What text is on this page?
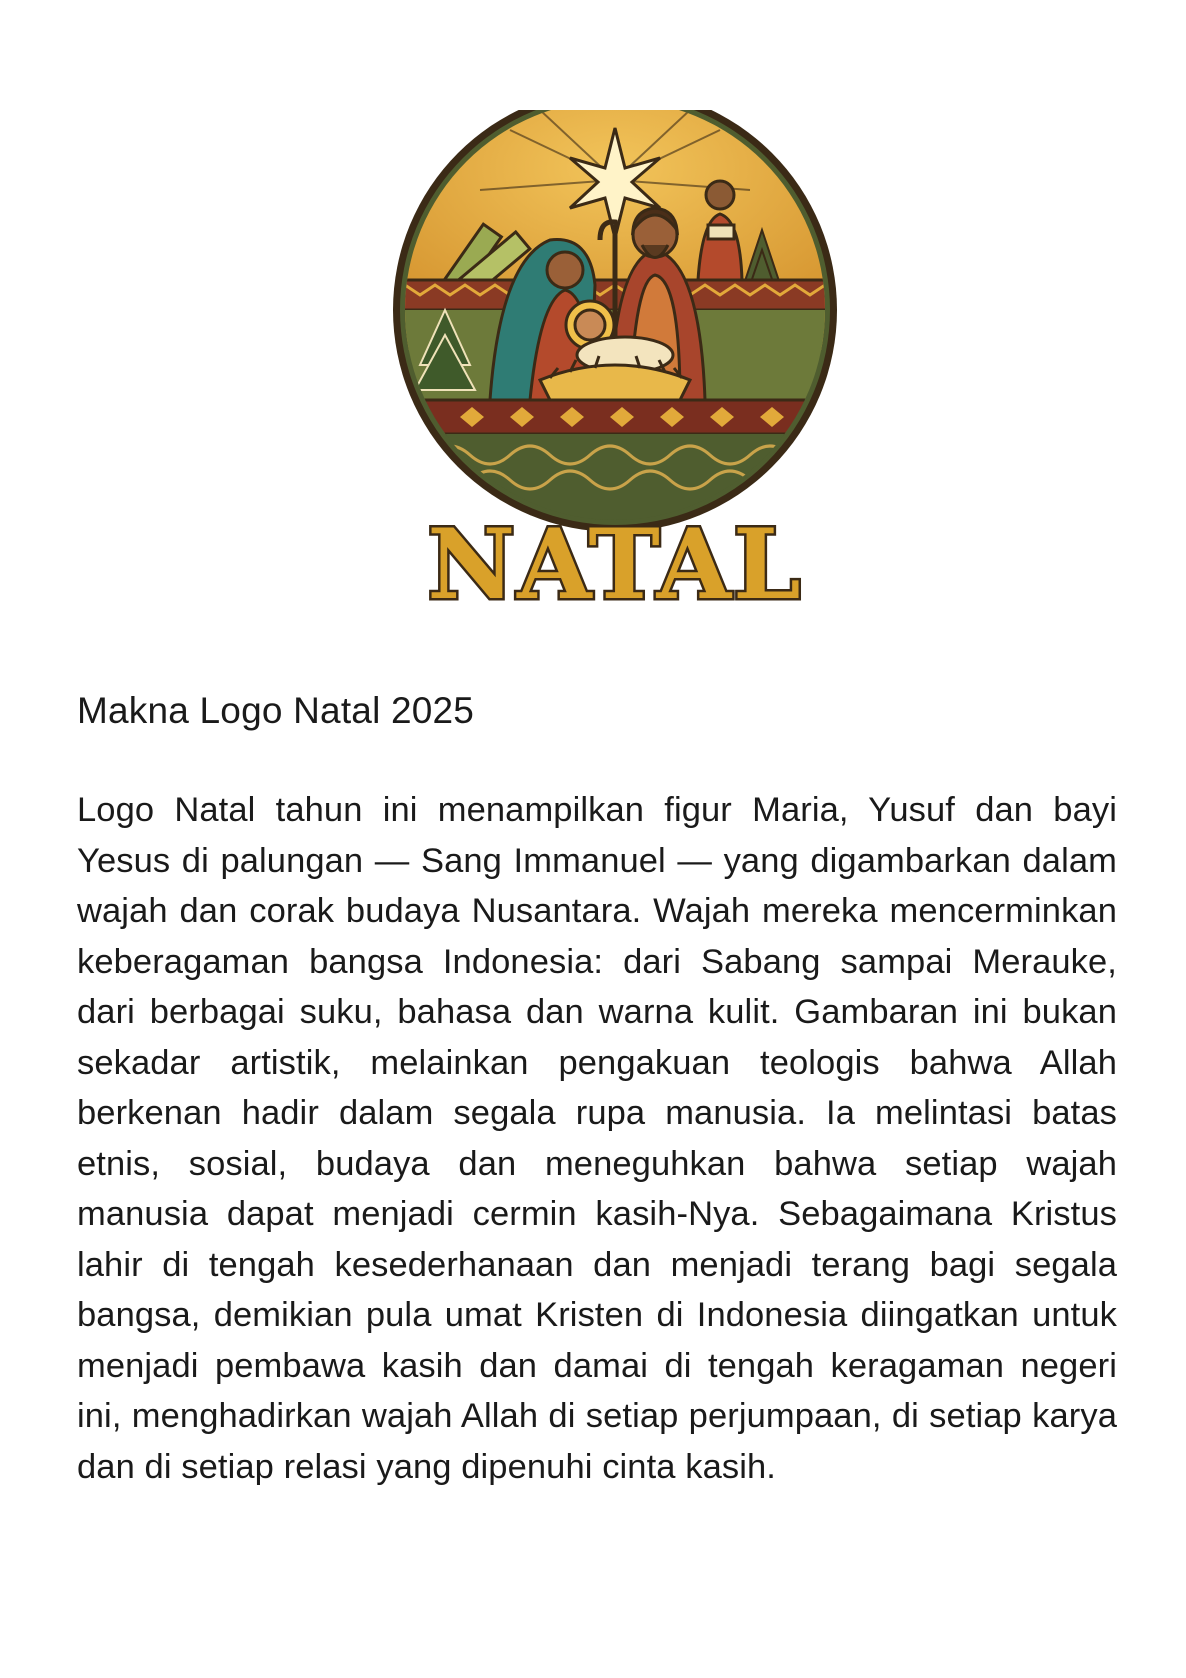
NATAL
Makna Logo Natal 2025

Logo Natal tahun ini menampilkan figur Maria, Yusuf dan bayi Yesus di palungan — Sang Immanuel — yang digambarkan dalam wajah dan corak budaya Nusantara. Wajah mereka mencerminkan keberagaman bangsa Indonesia: dari Sabang sampai Merauke, dari berbagai suku, bahasa dan warna kulit. Gambaran ini bukan sekadar artistik, melainkan pengakuan teologis bahwa Allah berkenan hadir dalam segala rupa manusia. Ia melintasi batas etnis, sosial, budaya dan meneguhkan bahwa setiap wajah manusia dapat menjadi cermin kasih-Nya. Sebagaimana Kristus lahir di tengah kesederhanaan dan menjadi terang bagi segala bangsa, demikian pula umat Kristen di Indonesia diingatkan untuk menjadi pembawa kasih dan damai di tengah keragaman negeri ini, menghadirkan wajah Allah di setiap perjumpaan, di setiap karya dan di setiap relasi yang dipenuhi cinta kasih.
